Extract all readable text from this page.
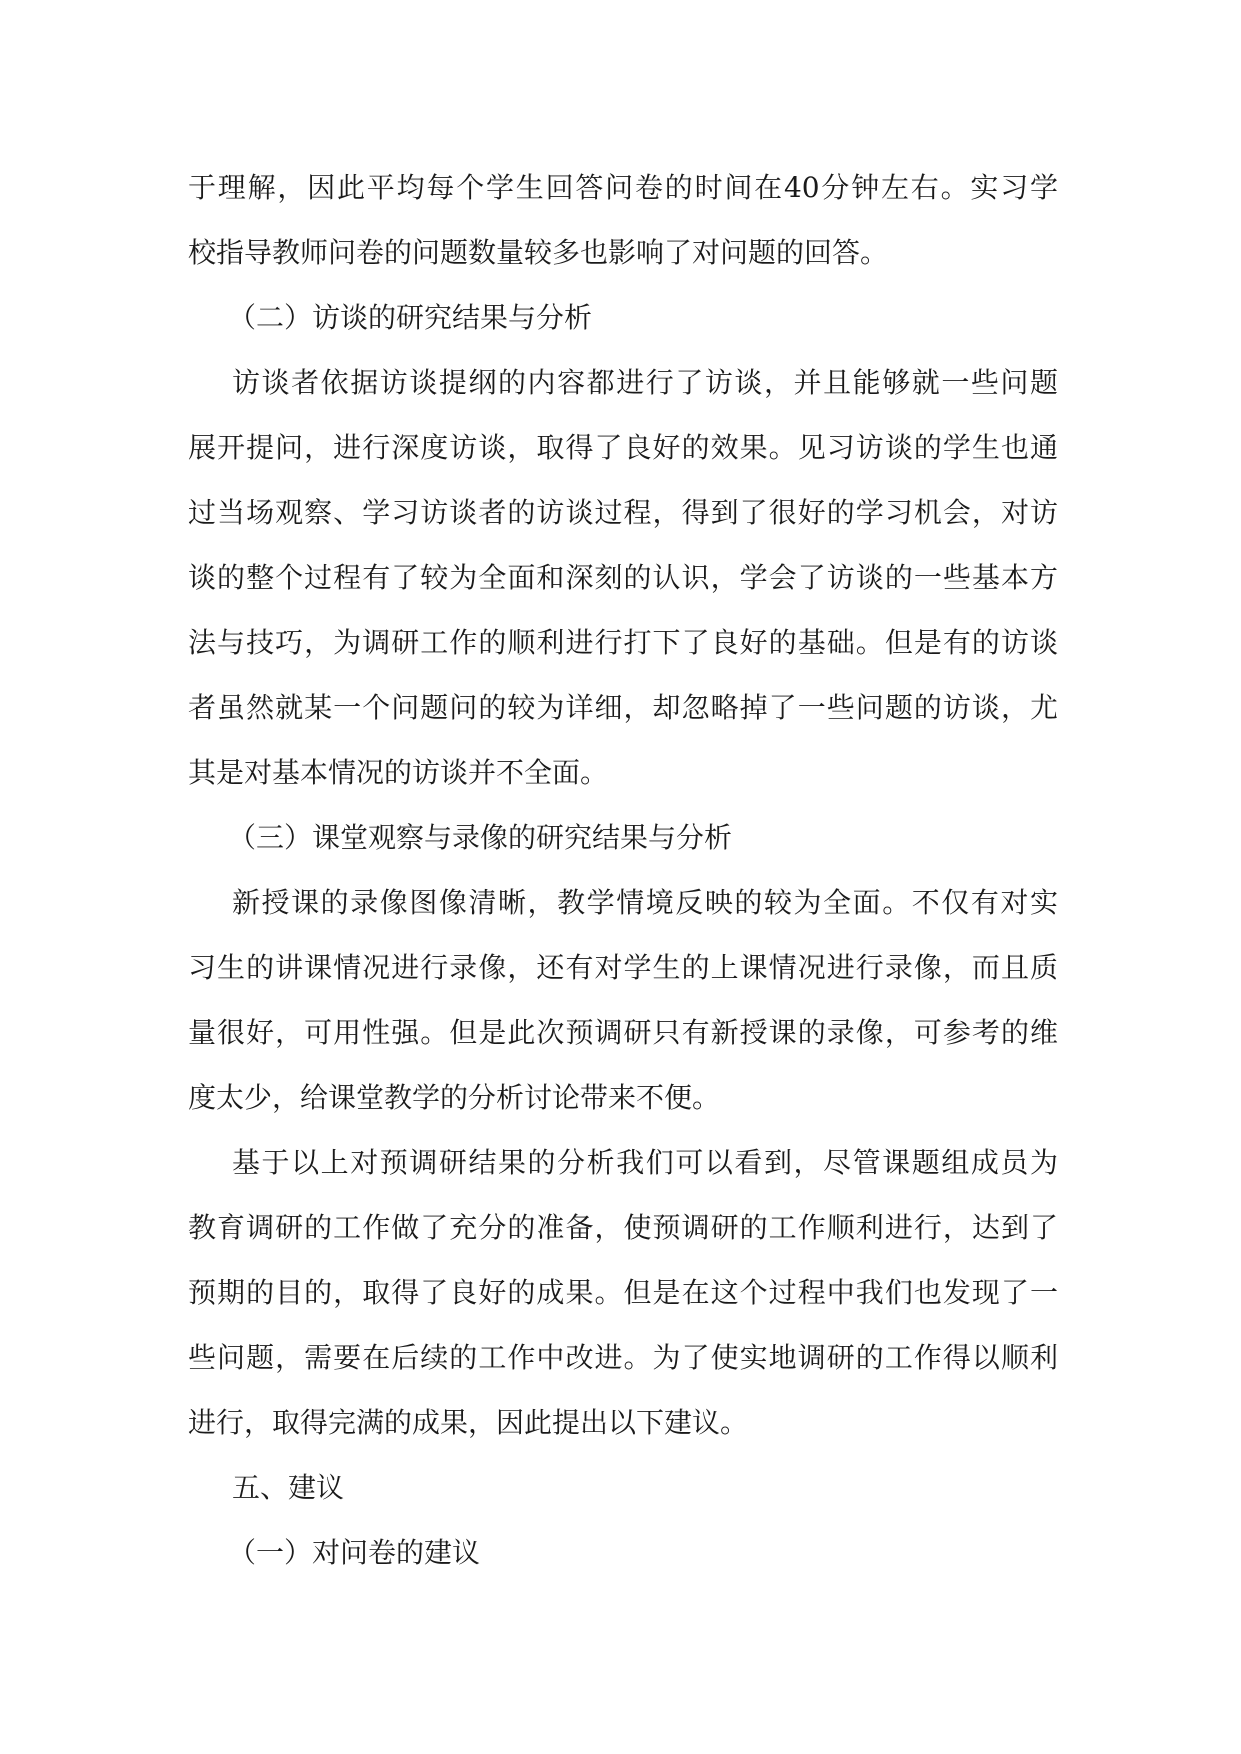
于理解，因此平均每个学生回答问卷的时间在40分钟左右。实习学
校指导教师问卷的问题数量较多也影响了对问题的回答。
（二）访谈的研究结果与分析
访谈者依据访谈提纲的内容都进行了访谈，并且能够就一些问题
展开提问，进行深度访谈，取得了良好的效果。见习访谈的学生也通
过当场观察、学习访谈者的访谈过程，得到了很好的学习机会，对访
谈的整个过程有了较为全面和深刻的认识，学会了访谈的一些基本方
法与技巧，为调研工作的顺利进行打下了良好的基础。但是有的访谈
者虽然就某一个问题问的较为详细，却忽略掉了一些问题的访谈，尤
其是对基本情况的访谈并不全面。
（三）课堂观察与录像的研究结果与分析
新授课的录像图像清晰，教学情境反映的较为全面。不仅有对实
习生的讲课情况进行录像，还有对学生的上课情况进行录像，而且质
量很好，可用性强。但是此次预调研只有新授课的录像，可参考的维
度太少，给课堂教学的分析讨论带来不便。
基于以上对预调研结果的分析我们可以看到，尽管课题组成员为
教育调研的工作做了充分的准备，使预调研的工作顺利进行，达到了
预期的目的，取得了良好的成果。但是在这个过程中我们也发现了一
些问题，需要在后续的工作中改进。为了使实地调研的工作得以顺利
进行，取得完满的成果，因此提出以下建议。
五、建议
（一）对问卷的建议
